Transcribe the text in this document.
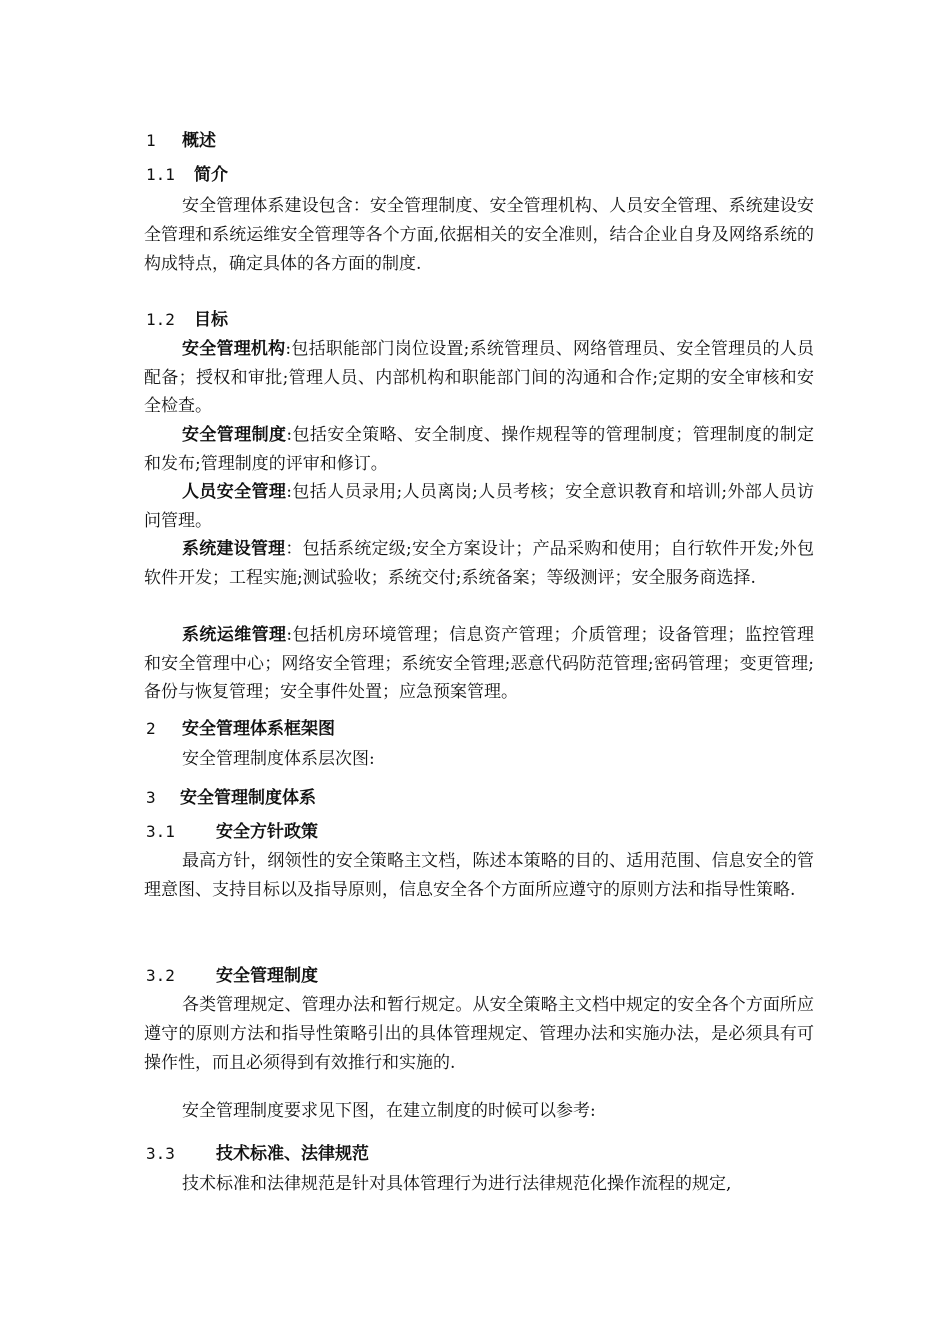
1 概述
1.1 简介
安全管理体系建设包含：安全管理制度、安全管理机构、人员安全管理、系统建设安全管理和系统运维安全管理等各个方面,依据相关的安全准则，结合企业自身及网络系统的构成特点，确定具体的各方面的制度.
1.2 目标
安全管理机构:包括职能部门岗位设置;系统管理员、网络管理员、安全管理员的人员配备；授权和审批;管理人员、内部机构和职能部门间的沟通和合作;定期的安全审核和安全检查。
安全管理制度:包括安全策略、安全制度、操作规程等的管理制度；管理制度的制定和发布;管理制度的评审和修订。
人员安全管理:包括人员录用;人员离岗;人员考核；安全意识教育和培训;外部人员访问管理。
系统建设管理：包括系统定级;安全方案设计；产品采购和使用；自行软件开发;外包软件开发；工程实施;测试验收；系统交付;系统备案；等级测评；安全服务商选择.
系统运维管理:包括机房环境管理；信息资产管理；介质管理；设备管理；监控管理和安全管理中心；网络安全管理；系统安全管理;恶意代码防范管理;密码管理；变更管理;备份与恢复管理；安全事件处置；应急预案管理。
2 安全管理体系框架图
安全管理制度体系层次图:
3 安全管理制度体系
3.1 安全方针政策
最高方针，纲领性的安全策略主文档，陈述本策略的目的、适用范围、信息安全的管理意图、支持目标以及指导原则，信息安全各个方面所应遵守的原则方法和指导性策略.
3.2 安全管理制度
各类管理规定、管理办法和暂行规定。从安全策略主文档中规定的安全各个方面所应遵守的原则方法和指导性策略引出的具体管理规定、管理办法和实施办法，是必须具有可操作性，而且必须得到有效推行和实施的.
安全管理制度要求见下图，在建立制度的时候可以参考:
3.3 技术标准、法律规范
技术标准和法律规范是针对具体管理行为进行法律规范化操作流程的规定,
